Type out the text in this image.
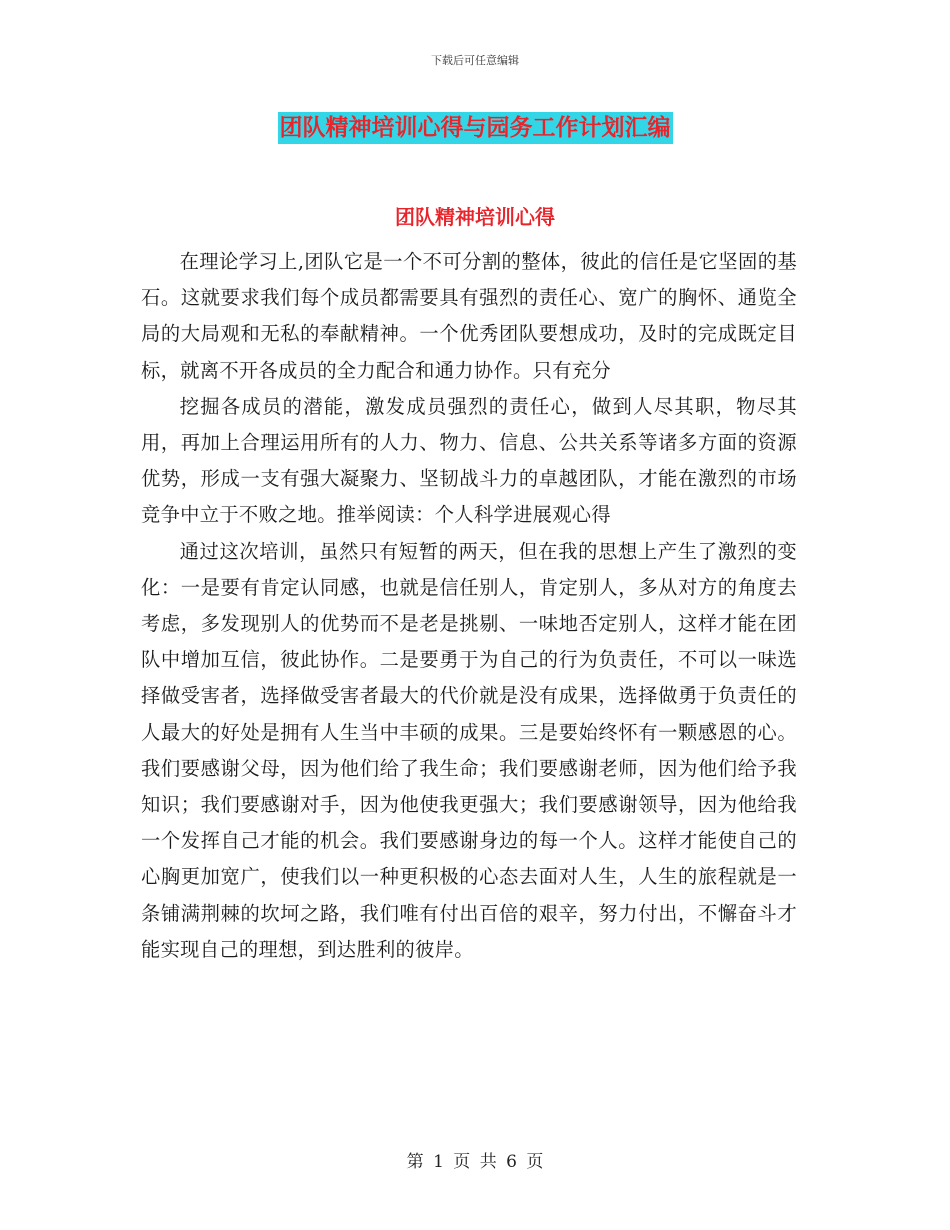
下载后可任意编辑
团队精神培训心得与园务工作计划汇编
团队精神培训心得

在理论学习上,团队它是一个不可分割的整体，彼此的信任是它坚固的基石。这就要求我们每个成员都需要具有强烈的责任心、宽广的胸怀、通览全局的大局观和无私的奉献精神。一个优秀团队要想成功，及时的完成既定目标，就离不开各成员的全力配合和通力协作。只有充分

挖掘各成员的潜能，激发成员强烈的责任心，做到人尽其职，物尽其用，再加上合理运用所有的人力、物力、信息、公共关系等诸多方面的资源优势，形成一支有强大凝聚力、坚韧战斗力的卓越团队，才能在激烈的市场竞争中立于不败之地。推举阅读：个人科学进展观心得

通过这次培训，虽然只有短暂的两天，但在我的思想上产生了激烈的变化：一是要有肯定认同感，也就是信任别人，肯定别人，多从对方的角度去考虑，多发现别人的优势而不是老是挑剔、一味地否定别人，这样才能在团队中增加互信，彼此协作。二是要勇于为自己的行为负责任，不可以一味选择做受害者，选择做受害者最大的代价就是没有成果，选择做勇于负责任的人最大的好处是拥有人生当中丰硕的成果。三是要始终怀有一颗感恩的心。我们要感谢父母，因为他们给了我生命；我们要感谢老师，因为他们给予我知识；我们要感谢对手，因为他使我更强大；我们要感谢领导，因为他给我一个发挥自己才能的机会。我们要感谢身边的每一个人。这样才能使自己的心胸更加宽广，使我们以一种更积极的心态去面对人生，人生的旅程就是一条铺满荆棘的坎坷之路，我们唯有付出百倍的艰辛，努力付出，不懈奋斗才能实现自己的理想，到达胜利的彼岸。

第 1 页 共 6 页
